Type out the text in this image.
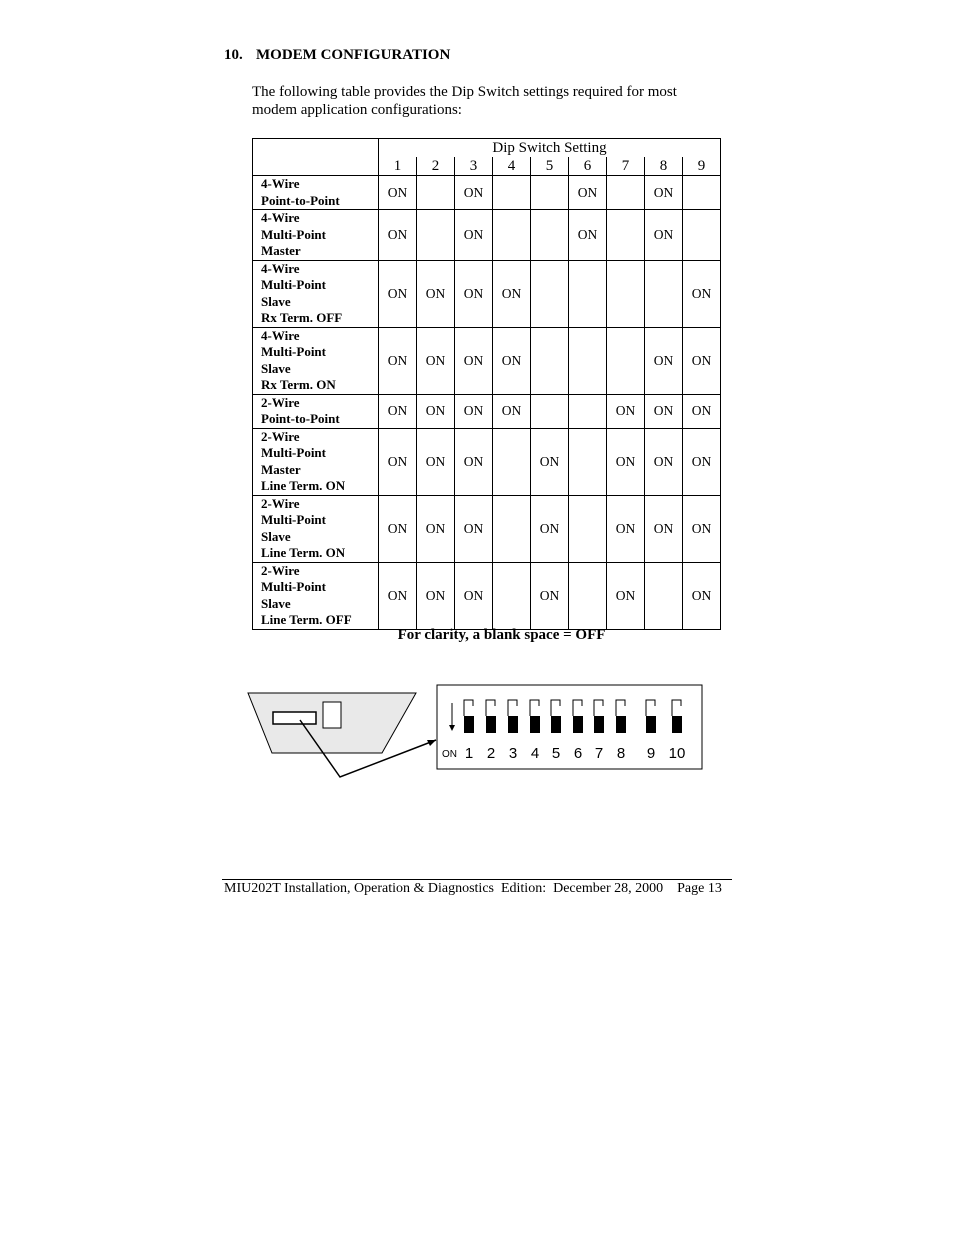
10. MODEM CONFIGURATION
The following table provides the Dip Switch settings required for most modem application configurations:
	Dip Switch Setting								
	1	2	3	4	5	6	7	8	9

4-Wire
Point-to-Point	ON		ON			ON		ON	

4-Wire
Multi-Point
Master	ON		ON			ON		ON	

4-Wire
Multi-Point
Slave
Rx Term. OFF	ON	ON	ON	ON					ON

4-Wire
Multi-Point
Slave
Rx Term. ON	ON	ON	ON	ON				ON	ON

2-Wire
Point-to-Point	ON	ON	ON	ON			ON	ON	ON

2-Wire
Multi-Point
Master
Line Term. ON	ON	ON	ON		ON		ON	ON	ON

2-Wire
Multi-Point
Slave
Line Term. ON	ON	ON	ON		ON		ON	ON	ON

2-Wire
Multi-Point
Slave
Line Term. OFF	ON	ON	ON		ON		ON		ON
For clarity, a blank space = OFF
1 2 3 4 5 6 7 8 9 10
ON
MIU202T Installation, Operation & Diagnostics  Edition:  December 28, 2000    Page 13
